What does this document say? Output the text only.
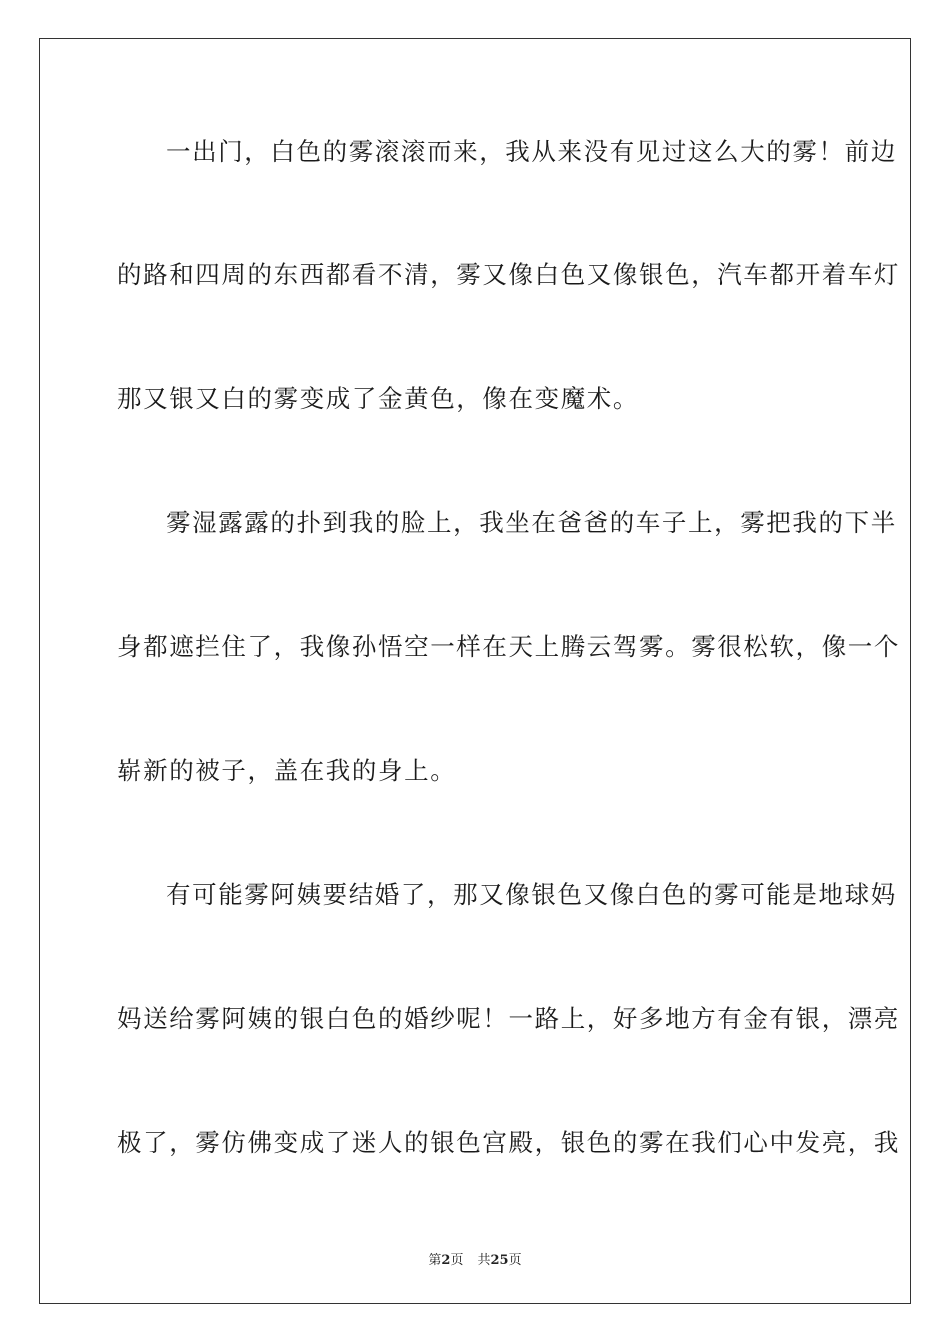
一出门，白色的雾滚滚而来，我从来没有见过这么大的雾！前边
的路和四周的东西都看不清，雾又像白色又像银色，汽车都开着车灯
那又银又白的雾变成了金黄色，像在变魔术。
雾湿露露的扑到我的脸上，我坐在爸爸的车子上，雾把我的下半
身都遮拦住了，我像孙悟空一样在天上腾云驾雾。雾很松软，像一个
崭新的被子，盖在我的身上。
有可能雾阿姨要结婚了，那又像银色又像白色的雾可能是地球妈
妈送给雾阿姨的银白色的婚纱呢！一路上，好多地方有金有银，漂亮
极了，雾仿佛变成了迷人的银色宫殿，银色的雾在我们心中发亮，我
第2页 共25页
